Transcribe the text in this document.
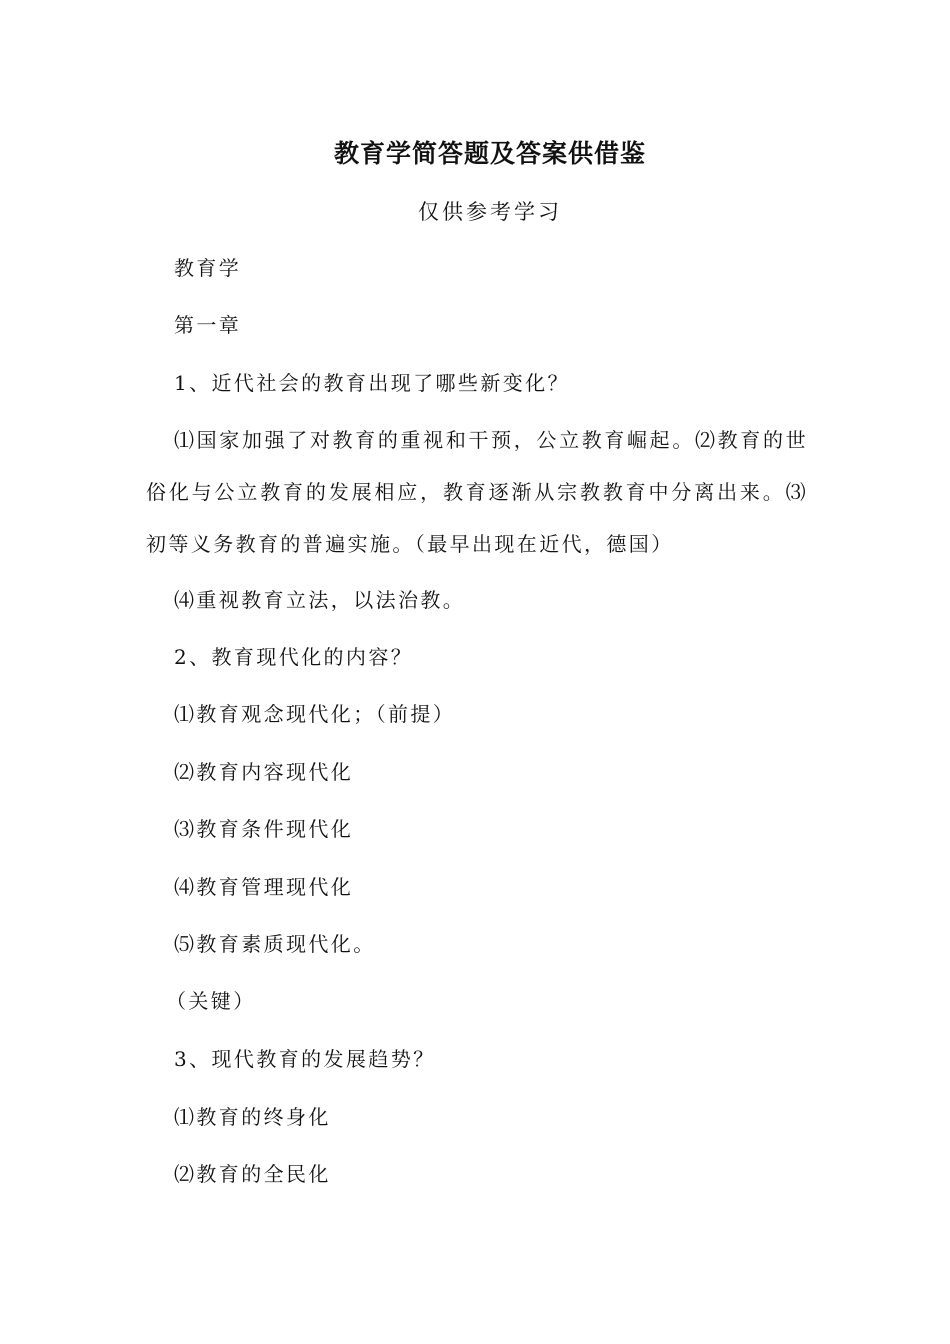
教育学简答题及答案供借鉴
仅供参考学习
教育学
第一章
1、近代社会的教育出现了哪些新变化？
⑴国家加强了对教育的重视和干预，公立教育崛起。⑵教育的世俗化与公立教育的发展相应，教育逐渐从宗教教育中分离出来。⑶初等义务教育的普遍实施。（最早出现在近代，德国）
⑷重视教育立法，以法治教。
2、教育现代化的内容？
⑴教育观念现代化；（前提）
⑵教育内容现代化
⑶教育条件现代化
⑷教育管理现代化
⑸教育素质现代化。
（关键）
3、现代教育的发展趋势？
⑴教育的终身化
⑵教育的全民化
